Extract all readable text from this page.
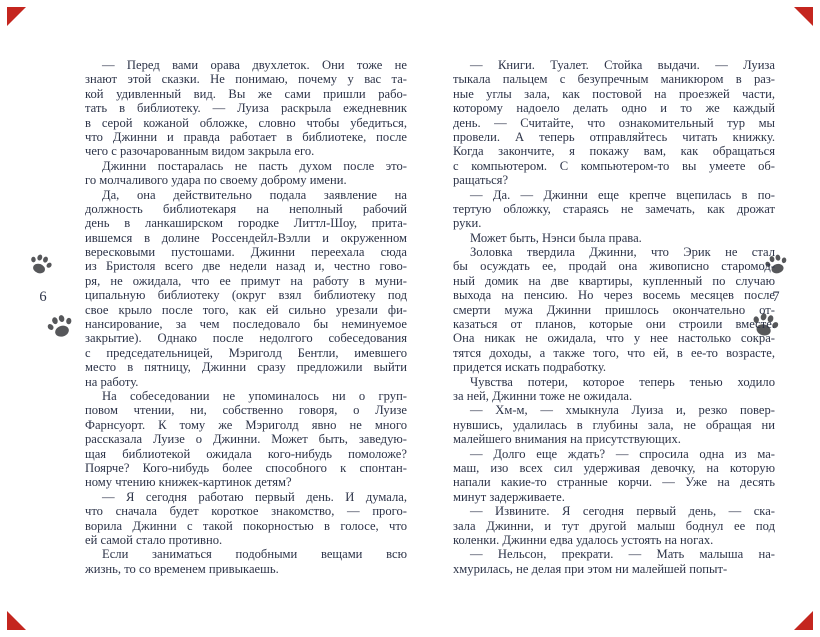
6	7
— Перед вами орава двухлеток. Они тоже не
знают этой сказки. Не понимаю, почему у вас та-
кой удивленный вид. Вы же сами пришли рабо-
тать в библиотеку. — Луиза раскрыла ежедневник
в серой кожаной обложке, словно чтобы убедиться,
что Джинни и правда работает в библиотеке, после
чего с разочарованным видом закрыла его.
Джинни постаралась не пасть духом после это-
го молчаливого удара по своему доброму имени.
Да, она действительно подала заявление на
должность библиотекаря на неполный рабочий
день в ланкаширском городке Литтл-Шоу, прита-
ившемся в долине Россендейл-Вэлли и окруженном
вересковыми пустошами. Джинни переехала сюда
из Бристоля всего две недели назад и, честно гово-
ря, не ожидала, что ее примут на работу в муни-
ципальную библиотеку (округ взял библиотеку под
свое крыло после того, как ей сильно урезали фи-
нансирование, за чем последовало бы неминуемое
закрытие). Однако после недолгого собеседования
с председательницей, Мэриголд Бентли, имевшего
место в пятницу, Джинни сразу предложили выйти
на работу.
На собеседовании не упоминалось ни о груп-
повом чтении, ни, собственно говоря, о Луизе
Фарнсуорт. К тому же Мэриголд явно не много
рассказала Луизе о Джинни. Может быть, заведую-
щая библиотекой ожидала кого-нибудь помоложе?
Поярче? Кого-нибудь более способного к спонтан-
ному чтению книжек-картинок детям?
— Я сегодня работаю первый день. И думала,
что сначала будет короткое знакомство, — прого-
ворила Джинни с такой покорностью в голосе, что
ей самой стало противно.
Если заниматься подобными вещами всю
жизнь, то со временем привыкаешь.
— Книги. Туалет. Стойка выдачи. — Луиза
тыкала пальцем с безупречным маникюром в раз-
ные углы зала, как постовой на проезжей части,
которому надоело делать одно и то же каждый
день. — Считайте, что ознакомительный тур мы
провели. А теперь отправляйтесь читать книжку.
Когда закончите, я покажу вам, как обращаться
с компьютером. С компьютером-то вы умеете об-
ращаться?
— Да. — Джинни еще крепче вцепилась в по-
тертую обложку, стараясь не замечать, как дрожат
руки.
Может быть, Нэнси была права.
Золовка твердила Джинни, что Эрик не стал
бы осуждать ее, продай она живописно старомод-
ный домик на две квартиры, купленный по случаю
выхода на пенсию. Но через восемь месяцев после
смерти мужа Джинни пришлось окончательно от-
казаться от планов, которые они строили вместе.
Она никак не ожидала, что у нее настолько сокра-
тятся доходы, а также того, что ей, в ее-то возрасте,
придется искать подработку.
Чувства потери, которое теперь тенью ходило
за ней, Джинни тоже не ожидала.
— Хм-м, — хмыкнула Луиза и, резко повер-
нувшись, удалилась в глубины зала, не обращая ни
малейшего внимания на присутствующих.
— Долго еще ждать? — спросила одна из ма-
маш, изо всех сил удерживая девочку, на которую
напали какие-то странные корчи. — Уже на десять
минут задерживаете.
— Извините. Я сегодня первый день, — ска-
зала Джинни, и тут другой малыш боднул ее под
коленки. Джинни едва удалось устоять на ногах.
— Нельсон, прекрати. — Мать малыша на-
хмурилась, не делая при этом ни малейшей попыт-
